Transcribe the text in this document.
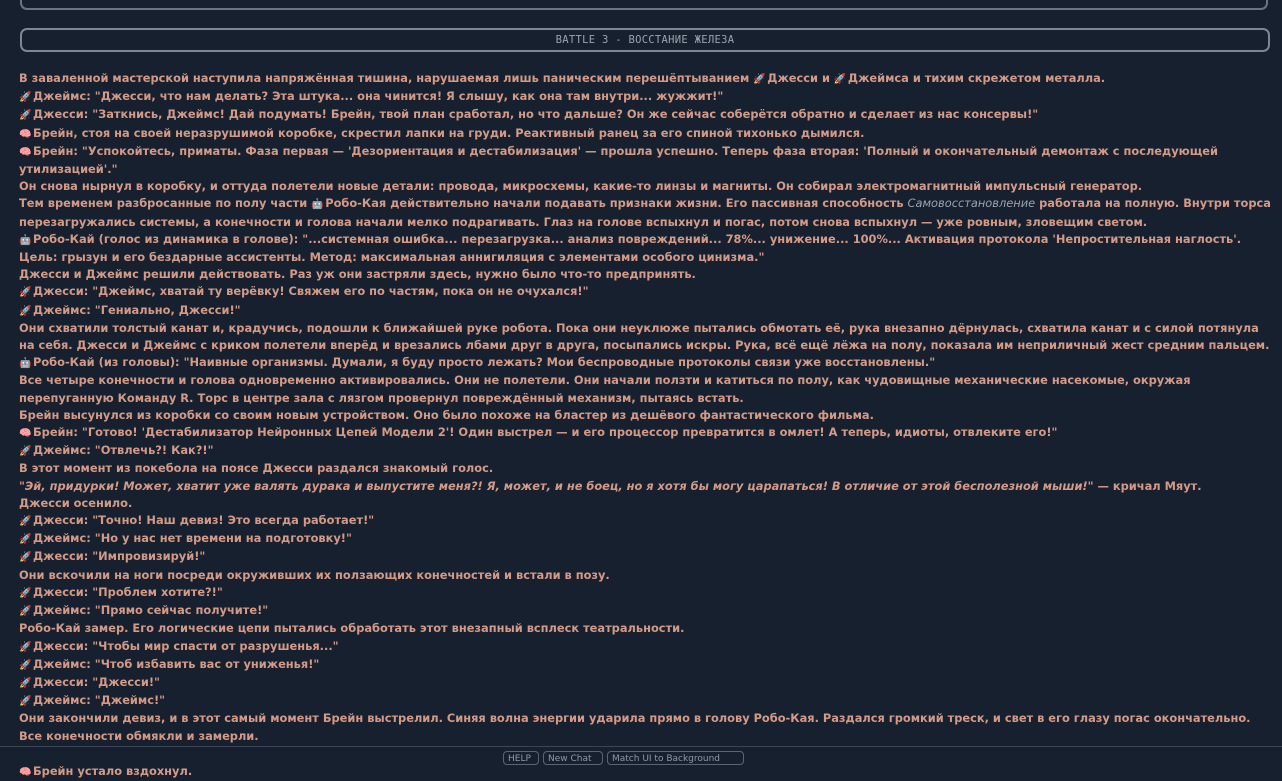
BATTLE 3 - ВОССТАНИЕ ЖЕЛЕЗА
В заваленной мастерской наступила напряжённая тишина, нарушаемая лишь паническим перешёптыванием 🚀 Джесси и 🚀 Джеймса и тихим скрежетом металла.
🚀 Джеймс: "Джесси, что нам делать? Эта штука... она чинится! Я слышу, как она там внутри... жужжит!"
🚀 Джесси: "Заткнись, Джеймс! Дай подумать! Брейн, твой план сработал, но что дальше? Он же сейчас соберётся обратно и сделает из нас консервы!"
🧠 Брейн, стоя на своей неразрушимой коробке, скрестил лапки на груди. Реактивный ранец за его спиной тихонько дымился.
🧠 Брейн: "Успокойтесь, приматы. Фаза первая — 'Дезориентация и дестабилизация' — прошла успешно. Теперь фаза вторая: 'Полный и окончательный демонтаж с последующей утилизацией'."
Он снова нырнул в коробку, и оттуда полетели новые детали: провода, микросхемы, какие-то линзы и магниты. Он собирал электромагнитный импульсный генератор.
Тем временем разбросанные по полу части 🤖 Робо-Кая действительно начали подавать признаки жизни. Его пассивная способность Самовосстановление работала на полную. Внутри торса перезагружались системы, а конечности и голова начали мелко подрагивать. Глаз на голове вспыхнул и погас, потом снова вспыхнул — уже ровным, зловещим светом.
🤖 Робо-Кай (голос из динамика в голове): "...системная ошибка... перезагрузка... анализ повреждений... 78%... унижение... 100%... Активация протокола 'Непростительная наглость'. Цель: грызун и его бездарные ассистенты. Метод: максимальная аннигиляция с элементами особого цинизма."
Джесси и Джеймс решили действовать. Раз уж они застряли здесь, нужно было что-то предпринять.
🚀 Джесси: "Джеймс, хватай ту верёвку! Свяжем его по частям, пока он не очухался!"
🚀 Джеймс: "Гениально, Джесси!"
Они схватили толстый канат и, крадучись, подошли к ближайшей руке робота. Пока они неуклюже пытались обмотать её, рука внезапно дёрнулась, схватила канат и с силой потянула на себя. Джесси и Джеймс с криком полетели вперёд и врезались лбами друг в друга, посыпались искры. Рука, всё ещё лёжа на полу, показала им неприличный жест средним пальцем.
🤖 Робо-Кай (из головы): "Наивные организмы. Думали, я буду просто лежать? Мои беспроводные протоколы связи уже восстановлены."
Все четыре конечности и голова одновременно активировались. Они не полетели. Они начали ползти и катиться по полу, как чудовищные механические насекомые, окружая перепуганную Команду R. Торс в центре зала с лязгом провернул повреждённый механизм, пытаясь встать.
Брейн высунулся из коробки со своим новым устройством. Оно было похоже на бластер из дешёвого фантастического фильма.
🧠 Брейн: "Готово! 'Дестабилизатор Нейронных Цепей Модели 2'! Один выстрел — и его процессор превратится в омлет! А теперь, идиоты, отвлеките его!"
🚀 Джеймс: "Отвлечь?! Как?!"
В этот момент из покебола на поясе Джесси раздался знакомый голос.
"Эй, придурки! Может, хватит уже валять дурака и выпустите меня?! Я, может, и не боец, но я хотя бы могу царапаться! В отличие от этой бесполезной мыши!" — кричал Мяут.
Джесси осенило.
🚀 Джесси: "Точно! Наш девиз! Это всегда работает!"
🚀 Джеймс: "Но у нас нет времени на подготовку!"
🚀 Джесси: "Импровизируй!"
Они вскочили на ноги посреди окруживших их ползающих конечностей и встали в позу.
🚀 Джесси: "Проблем хотите?!"
🚀 Джеймс: "Прямо сейчас получите!"
Робо-Кай замер. Его логические цепи пытались обработать этот внезапный всплеск театральности.
🚀 Джесси: "Чтобы мир спасти от разрушенья..."
🚀 Джеймс: "Чтоб избавить вас от униженья!"
🚀 Джесси: "Джесси!"
🚀 Джеймс: "Джеймс!"
Они закончили девиз, и в этот самый момент Брейн выстрелил. Синяя волна энергии ударила прямо в голову Робо-Кая. Раздался громкий треск, и свет в его глазу погас окончательно. Все конечности обмякли и замерли.
🧠 Брейн устало вздохнул.
HELP	New Chat	Match UI to Background
